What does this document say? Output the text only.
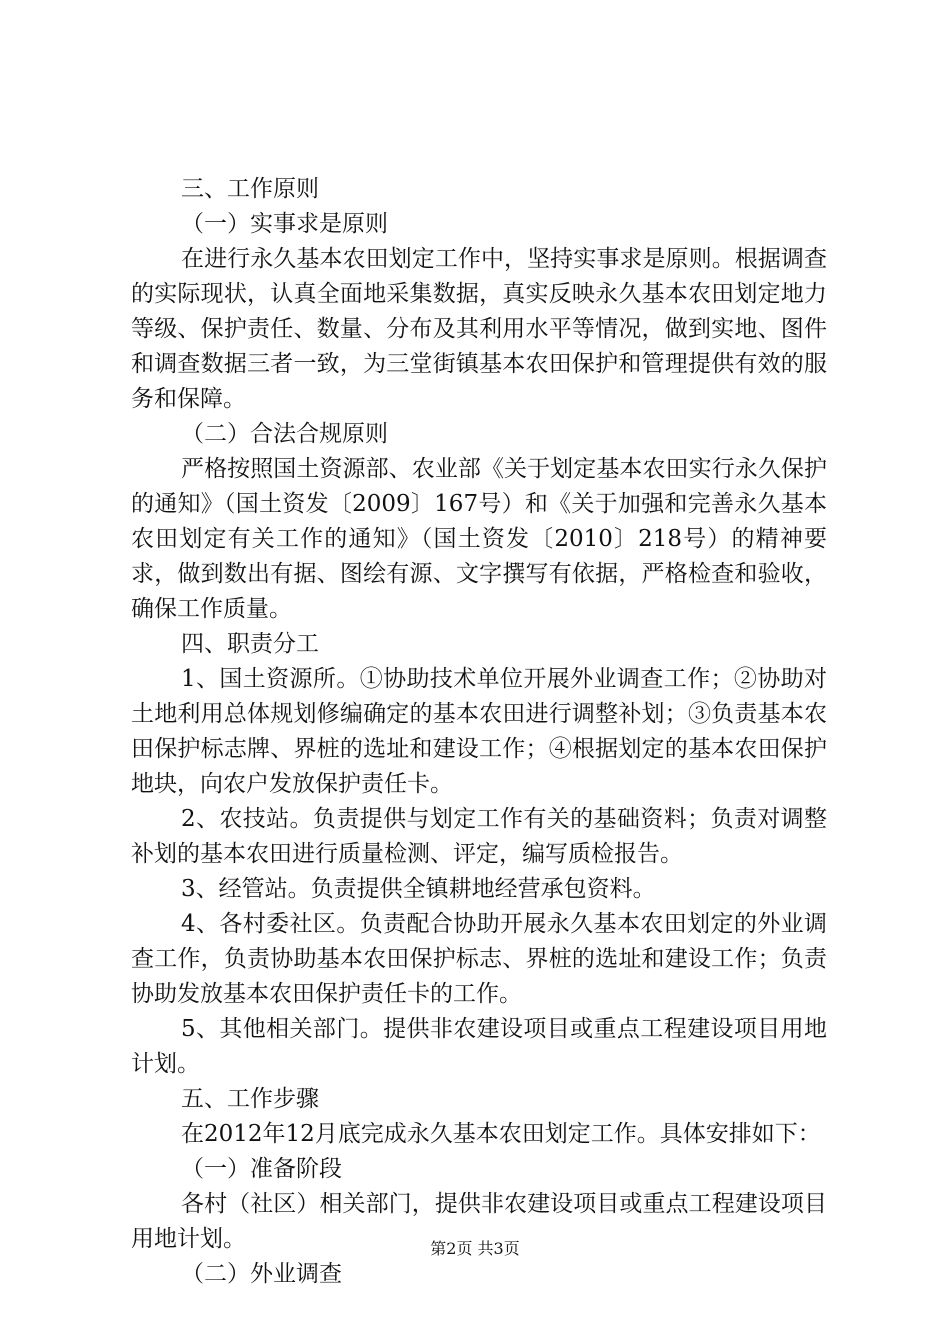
三、工作原则

（一）实事求是原则

在进行永久基本农田划定工作中，坚持实事求是原则。根据调查的实际现状，认真全面地采集数据，真实反映永久基本农田划定地力等级、保护责任、数量、分布及其利用水平等情况，做到实地、图件和调查数据三者一致，为三堂街镇基本农田保护和管理提供有效的服务和保障。

（二）合法合规原则

严格按照国土资源部、农业部《关于划定基本农田实行永久保护的通知》（国土资发〔2009〕167号）和《关于加强和完善永久基本农田划定有关工作的通知》（国土资发〔2010〕218号）的精神要求，做到数出有据、图绘有源、文字撰写有依据，严格检查和验收，确保工作质量。

四、职责分工

1、国土资源所。①协助技术单位开展外业调查工作；②协助对土地利用总体规划修编确定的基本农田进行调整补划；③负责基本农田保护标志牌、界桩的选址和建设工作；④根据划定的基本农田保护地块，向农户发放保护责任卡。

2、农技站。负责提供与划定工作有关的基础资料；负责对调整补划的基本农田进行质量检测、评定，编写质检报告。

3、经管站。负责提供全镇耕地经营承包资料。

4、各村委社区。负责配合协助开展永久基本农田划定的外业调查工作，负责协助基本农田保护标志、界桩的选址和建设工作；负责协助发放基本农田保护责任卡的工作。

5、其他相关部门。提供非农建设项目或重点工程建设项目用地计划。

五、工作步骤

在2012年12月底完成永久基本农田划定工作。具体安排如下：

（一）准备阶段

各村（社区）相关部门，提供非农建设项目或重点工程建设项目用地计划。

（二）外业调查

第2页 共3页
